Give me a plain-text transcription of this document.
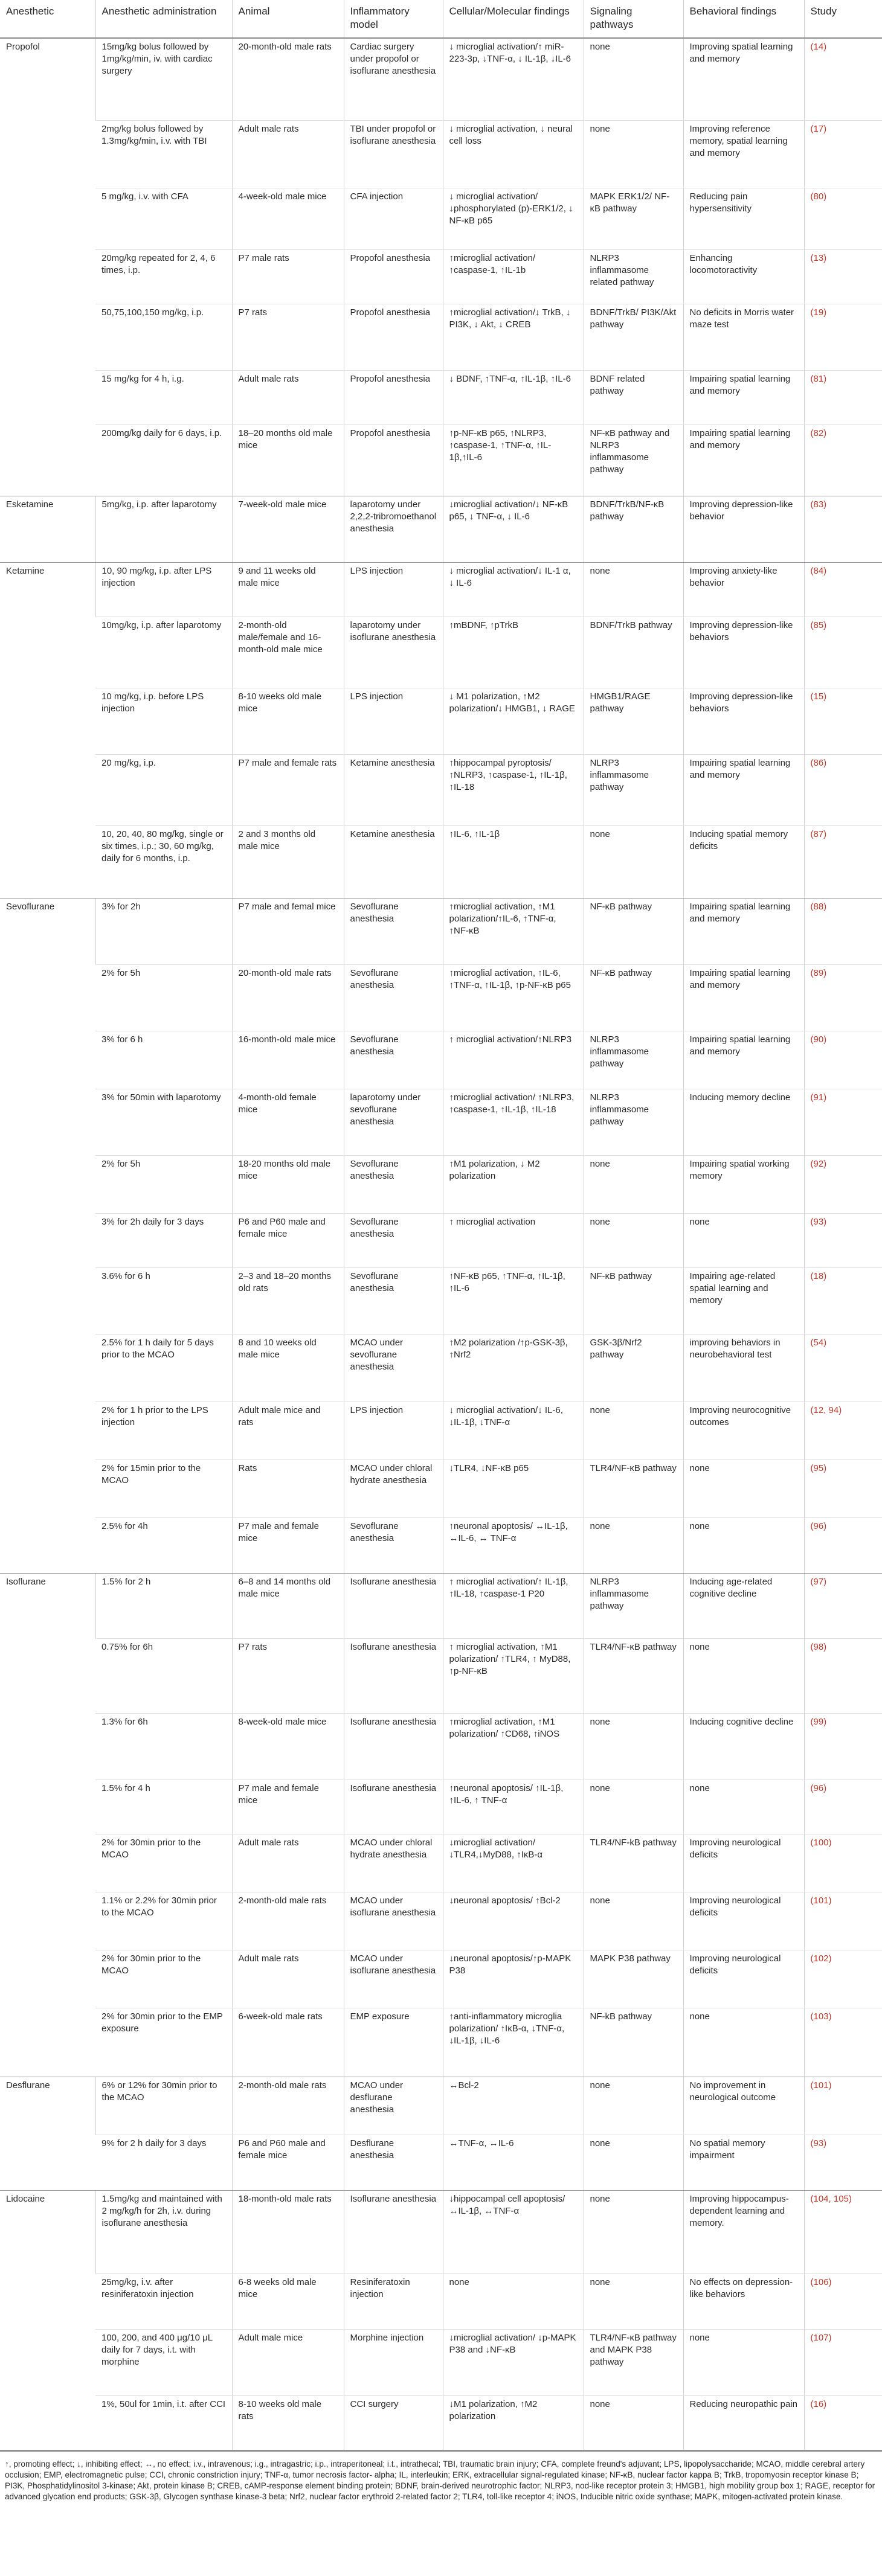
Anesthetic	Anesthetic administration	Animal	Inflammatory model	Cellular/Molecular findings	Signaling pathways	Behavioral findings	Study
Propofol	15mg/kg bolus followed by 1mg/kg/min, iv. with cardiac surgery	20-month-old male rats	Cardiac surgery under propofol or isoflurane anesthesia	↓ microglial activation/↑ miR-223-3p, ↓TNF-α, ↓ IL-1β, ↓IL-6	none	Improving spatial learning and memory	(14)
	2mg/kg bolus followed by 1.3mg/kg/min, i.v. with TBI	Adult male rats	TBI under propofol or isoflurane anesthesia	↓ microglial activation, ↓ neural cell loss	none	Improving reference memory, spatial learning and memory	(17)
	5 mg/kg, i.v. with CFA	4-week-old male mice	CFA injection	↓ microglial activation/↓phosphorylated (p)-ERK1/2, ↓ NF-κB p65	MAPK ERK1/2/ NF-κB pathway	Reducing pain hypersensitivity	(80)
	20mg/kg repeated for 2, 4, 6 times, i.p.	P7 male rats	Propofol anesthesia	↑microglial activation/ ↑caspase-1, ↑IL-1b	NLRP3 inflammasome related pathway	Enhancing locomotoractivity	(13)
	50,75,100,150 mg/kg, i.p.	P7 rats	Propofol anesthesia	↑microglial activation/↓ TrkB, ↓ PI3K, ↓ Akt, ↓ CREB	BDNF/TrkB/ PI3K/Akt pathway	No deficits in Morris water maze test	(19)
	15 mg/kg for 4 h, i.g.	Adult male rats	Propofol anesthesia	↓ BDNF, ↑TNF-α, ↑IL-1β, ↑IL-6	BDNF related pathway	Impairing spatial learning and memory	(81)
	200mg/kg daily for 6 days, i.p.	18–20 months old male mice	Propofol anesthesia	↑p-NF-κB p65, ↑NLRP3, ↑caspase-1, ↑TNF-α, ↑IL-1β,↑IL-6	NF-κB pathway and NLRP3 inflammasome pathway	Impairing spatial learning and memory	(82)
Esketamine	5mg/kg, i.p. after laparotomy	7-week-old male mice	laparotomy under 2,2,2-tribromoethanol anesthesia	↓microglial activation/↓ NF-κB p65, ↓ TNF-α, ↓ IL-6	BDNF/TrkB/NF-κB pathway	Improving depression-like behavior	(83)
Ketamine	10, 90 mg/kg, i.p. after LPS injection	9 and 11 weeks old male mice	LPS injection	↓ microglial activation/↓ IL-1 α, ↓ IL-6	none	Improving anxiety-like behavior	(84)
	10mg/kg, i.p. after laparotomy	2-month-old male/female and 16-month-old male mice	laparotomy under isoflurane anesthesia	↑mBDNF, ↑pTrkB	BDNF/TrkB pathway	Improving depression-like behaviors	(85)
	10 mg/kg, i.p. before LPS injection	8-10 weeks old male mice	LPS injection	↓ M1 polarization, ↑M2 polarization/↓ HMGB1, ↓ RAGE	HMGB1/RAGE pathway	Improving depression-like behaviors	(15)
	20 mg/kg, i.p.	P7 male and female rats	Ketamine anesthesia	↑hippocampal pyroptosis/↑NLRP3, ↑caspase-1, ↑IL-1β, ↑IL-18	NLRP3 inflammasome pathway	Impairing spatial learning and memory	(86)
	10, 20, 40, 80 mg/kg, single or six times, i.p.; 30, 60 mg/kg, daily for 6 months, i.p.	2 and 3 months old male mice	Ketamine anesthesia	↑IL-6, ↑IL-1β	none	Inducing spatial memory deficits	(87)
Sevoflurane	3% for 2h	P7 male and femal mice	Sevoflurane anesthesia	↑microglial activation, ↑M1 polarization/↑IL-6, ↑TNF-α, ↑NF-κB	NF-κB pathway	Impairing spatial learning and memory	(88)
	2% for 5h	20-month-old male rats	Sevoflurane anesthesia	↑microglial activation, ↑IL-6, ↑TNF-α, ↑IL-1β, ↑p-NF-κB p65	NF-κB pathway	Impairing spatial learning and memory	(89)
	3% for 6 h	16-month-old male mice	Sevoflurane anesthesia	↑ microglial activation/↑NLRP3	NLRP3 inflammasome pathway	Impairing spatial learning and memory	(90)
	3% for 50min with laparotomy	4-month-old female mice	laparotomy under sevoflurane anesthesia	↑microglial activation/ ↑NLRP3, ↑caspase-1, ↑IL-1β, ↑IL-18	NLRP3 inflammasome pathway	Inducing memory decline	(91)
	2% for 5h	18-20 months old male mice	Sevoflurane anesthesia	↑M1 polarization, ↓ M2 polarization	none	Impairing spatial working memory	(92)
	3% for 2h daily for 3 days	P6 and P60 male and female mice	Sevoflurane anesthesia	↑ microglial activation	none	none	(93)
	3.6% for 6 h	2–3 and 18–20 months old rats	Sevoflurane anesthesia	↑NF-κB p65, ↑TNF-α, ↑IL-1β, ↑IL-6	NF-κB pathway	Impairing age-related spatial learning and memory	(18)
	2.5% for 1 h daily for 5 days prior to the MCAO	8 and 10 weeks old male mice	MCAO under sevoflurane anesthesia	↑M2 polarization /↑p-GSK-3β, ↑Nrf2	GSK-3β/Nrf2 pathway	improving behaviors in neurobehavioral test	(54)
	2% for 1 h prior to the LPS injection	Adult male mice and rats	LPS injection	↓ microglial activation/↓ IL-6, ↓IL-1β, ↓TNF-α	none	Improving neurocognitive outcomes	(12, 94)
	2% for 15min prior to the MCAO	Rats	MCAO under chloral hydrate anesthesia	↓TLR4, ↓NF-κB p65	TLR4/NF-κB pathway	none	(95)
	2.5% for 4h	P7 male and female mice	Sevoflurane anesthesia	↑neuronal apoptosis/ ↔IL-1β, ↔IL-6, ↔ TNF-α	none	none	(96)
Isoflurane	1.5% for 2 h	6–8 and 14 months old male mice	Isoflurane anesthesia	↑ microglial activation/↑ IL-1β, ↑IL-18, ↑caspase-1 P20	NLRP3 inflammasome pathway	Inducing age-related cognitive decline	(97)
	0.75% for 6h	P7 rats	Isoflurane anesthesia	↑ microglial activation, ↑M1 polarization/ ↑TLR4, ↑ MyD88, ↑p-NF-κB	TLR4/NF-κB pathway	none	(98)
	1.3% for 6h	8-week-old male mice	Isoflurane anesthesia	↑microglial activation, ↑M1 polarization/ ↑CD68, ↑iNOS	none	Inducing cognitive decline	(99)
	1.5% for 4 h	P7 male and female mice	Isoflurane anesthesia	↑neuronal apoptosis/ ↑IL-1β, ↑IL-6, ↑ TNF-α	none	none	(96)
	2% for 30min prior to the MCAO	Adult male rats	MCAO under chloral hydrate anesthesia	↓microglial activation/ ↓TLR4,↓MyD88, ↑IκB-α	TLR4/NF-kB pathway	Improving neurological deficits	(100)
	1.1% or 2.2% for 30min prior to the MCAO	2-month-old male rats	MCAO under isoflurane anesthesia	↓neuronal apoptosis/ ↑Bcl-2	none	Improving neurological deficits	(101)
	2% for 30min prior to the MCAO	Adult male rats	MCAO under isoflurane anesthesia	↓neuronal apoptosis/↑p-MAPK P38	MAPK P38 pathway	Improving neurological deficits	(102)
	2% for 30min prior to the EMP exposure	6-week-old male rats	EMP exposure	↑anti-inflammatory microglia polarization/ ↑IκB-α, ↓TNF-α, ↓IL-1β, ↓IL-6	NF-kB pathway	none	(103)
Desflurane	6% or 12% for 30min prior to the MCAO	2-month-old male rats	MCAO under desflurane anesthesia	↔Bcl-2	none	No improvement in neurological outcome	(101)
	9% for 2 h daily for 3 days	P6 and P60 male and female mice	Desflurane anesthesia	↔TNF-α, ↔IL-6	none	No spatial memory impairment	(93)
Lidocaine	1.5mg/kg and maintained with 2 mg/kg/h for 2h, i.v. during isoflurane anesthesia	18-month-old male rats	Isoflurane anesthesia	↓hippocampal cell apoptosis/↔IL-1β, ↔TNF-α	none	Improving hippocampus-dependent learning and memory.	(104, 105)
	25mg/kg, i.v. after resiniferatoxin injection	6-8 weeks old male mice	Resiniferatoxin injection	none	none	No effects on depression-like behaviors	(106)
	100, 200, and 400 μg/10 μL daily for 7 days, i.t. with morphine	Adult male mice	Morphine injection	↓microglial activation/ ↓p-MAPK P38 and ↓NF-κB	TLR4/NF-κB pathway and MAPK P38 pathway	none	(107)
	1%, 50ul for 1min, i.t. after CCI	8-10 weeks old male rats	CCI surgery	↓M1 polarization, ↑M2 polarization	none	Reducing neuropathic pain	(16)
↑, promoting effect; ↓, inhibiting effect; ↔, no effect; i.v., intravenous; i.g., intragastric; i.p., intraperitoneal; i.t., intrathecal; TBI, traumatic brain injury; CFA, complete freund's adjuvant; LPS, lipopolysaccharide; MCAO, middle cerebral artery occlusion; EMP, electromagnetic pulse; CCI, chronic constriction injury; TNF-α, tumor necrosis factor- alpha; IL, interleukin; ERK, extracellular signal-regulated kinase; NF-κB, nuclear factor kappa B; TrkB, tropomyosin receptor kinase B; PI3K, Phosphatidylinositol 3-kinase; Akt, protein kinase B; CREB, cAMP-response element binding protein; BDNF, brain-derived neurotrophic factor; NLRP3, nod-like receptor protein 3; HMGB1, high mobility group box 1; RAGE, receptor for advanced glycation end products; GSK-3β, Glycogen synthase kinase-3 beta; Nrf2, nuclear factor erythroid 2-related factor 2; TLR4, toll-like receptor 4; iNOS, Inducible nitric oxide synthase; MAPK, mitogen-activated protein kinase.
